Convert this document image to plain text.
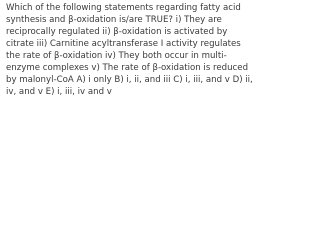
Which of the following statements regarding fatty acid synthesis and β-oxidation is/are TRUE? i) They are reciprocally regulated ii) β-oxidation is activated by citrate iii) Carnitine acyltransferase I activity regulates the rate of β-oxidation iv) They both occur in multi-enzyme complexes v) The rate of β-oxidation is reduced by malonyl-CoA A) i only B) i, ii, and iii C) i, iii, and v D) ii, iv, and v E) i, iii, iv and v
